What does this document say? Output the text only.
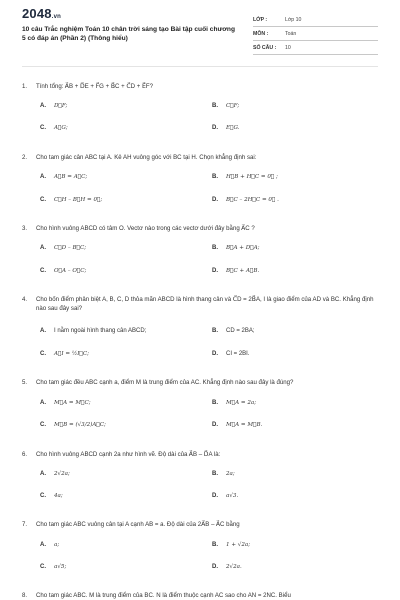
2048.vn
10 câu Trắc nghiệm Toán 10 chân trời sáng tạo Bài tập cuối chương 5 có đáp án (Phần 2) (Thông hiểu)
LỚP :	Lớp 10
MÔN :	Toán
SỐ CÂU : 10
1. Tính tổng: A⃗B + D⃗E + F⃗G + B⃗C + C⃗D + E⃗F?
A. D⃗F;	B. C⃗F;
C. A⃗G;	D. E⃗G.
2. Cho tam giác cân ABC tại A. Kẻ AH vuông góc với BC tại H. Chọn khẳng định sai:
A. A⃗B = A⃗C;	B. H⃗B + H⃗C = 0⃗ ;
C. C⃗H – B⃗H = 0⃗;	D. B⃗C – 2H⃗C = 0⃗ .
3. Cho hình vuông ABCD có tâm O. Vectơ nào trong các vectơ dưới đây bằng A⃗C ?
A. C⃗D – B⃗C;	B. B⃗A + D⃗A;
C. O⃗A – O⃗C;	D. B⃗C + A⃗B.
4. Cho bốn điểm phân biệt A, B, C, D thỏa mãn ABCD là hình thang cân và C⃗D = 2B⃗A, I là giao điểm của AD và BC. Khẳng định nào sau đây sai?
A. I nằm ngoài hình thang cân ABCD;	B. CD = 2BA;
C. A⃗I = ½I⃗C;	D. CI = 2BI.
5. Cho tam giác đều ABC cạnh a, điểm M là trung điểm của AC. Khẳng định nào sau đây là đúng?
A. M⃗A = M⃗C;	B. M⃗A = 2a;
C. M⃗B = (√3/2)A⃗C;	D. M⃗A = M⃗B.
6. Cho hình vuông ABCD cạnh 2a như hình vẽ. Độ dài của A⃗B – D⃗A là:
A. 2√2a;	B. 2a;
C. 4a;	D. a√3.
7. Cho tam giác ABC vuông cân tại A cạnh AB = a. Độ dài của 2A⃗B – A⃗C bằng
A. a;	B. 1 + √2a;
C. a√5;	D. 2√2a.
8. Cho tam giác ABC. M là trung điểm của BC. N là điểm thuộc cạnh AC sao cho AN = 2NC. Biểu
